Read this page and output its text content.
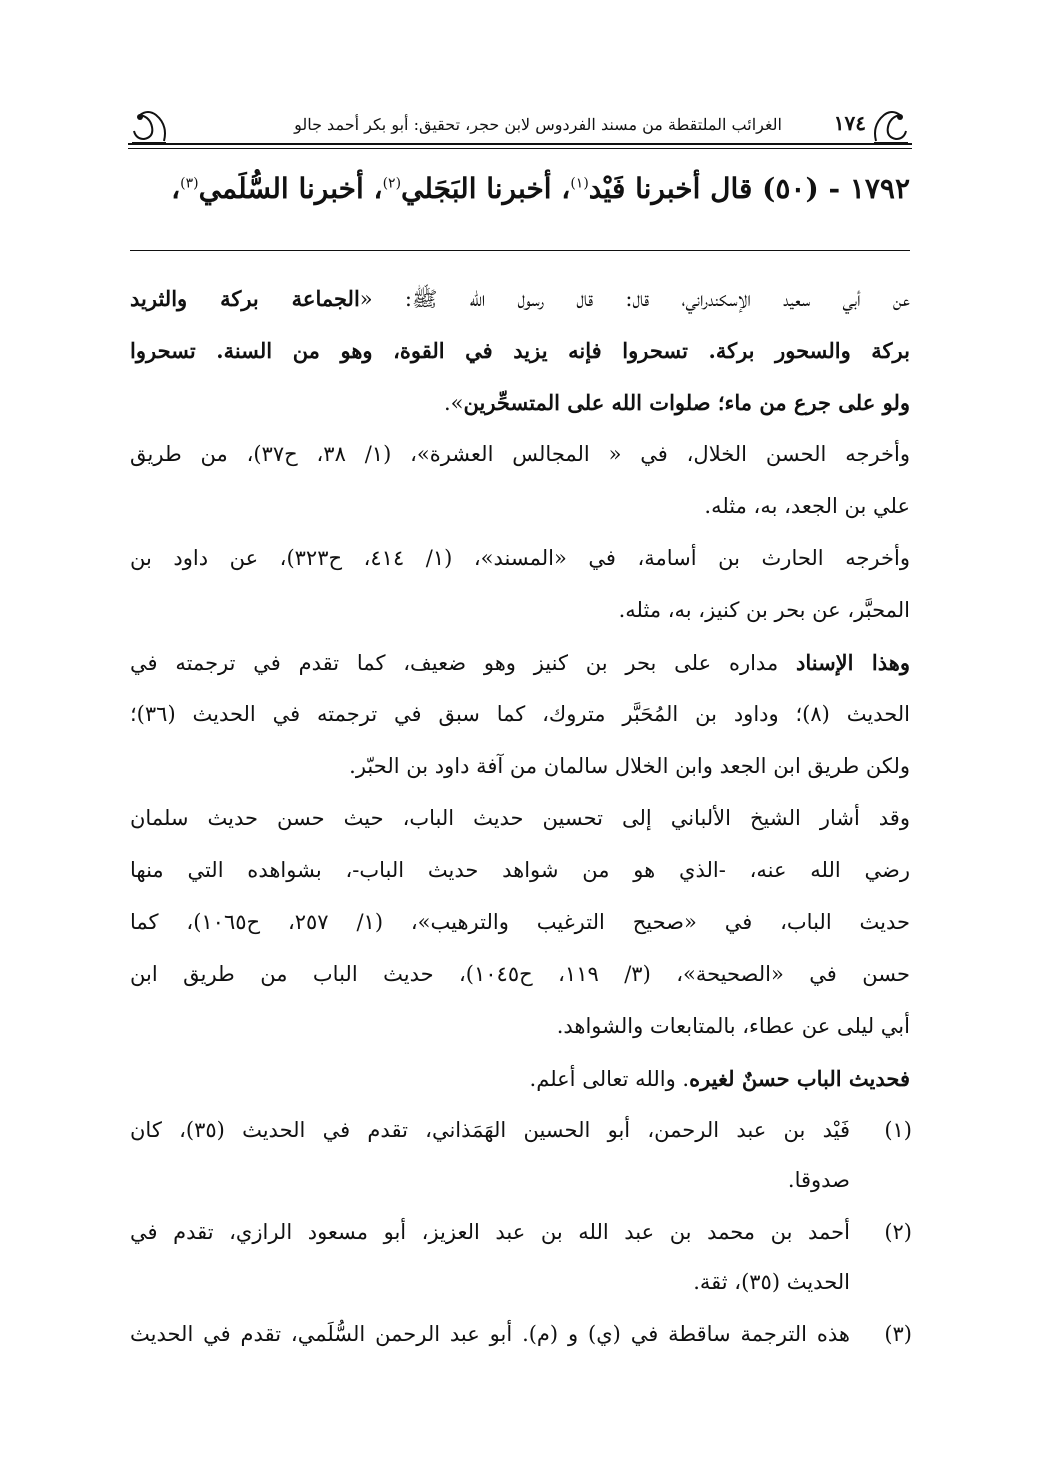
١٧٤
الغرائب الملتقطة من مسند الفردوس لابن حجر، تحقيق: أبو بكر أحمد جالو
١٧٩٢ - (٥٠) قال أخبرنا فَيْد$^{(١)}$، أخبرنا البَجَلي$^{(٢)}$، أخبرنا السُّلَمي$^{(٣)}$،
عن أبي سعيد الإسكندراني، قال: قال رسول الله ﷺ: «الجماعة بركة والثريد
بركة والسحور بركة. تسحروا فإنه يزيد في القوة، وهو من السنة. تسحروا
ولو على جرع من ماء؛ صلوات الله على المتسحِّرين».
وأخرجه الحسن الخلال، في « المجالس العشرة»، (١/ ٣٨، ح٣٧)، من طريق
علي بن الجعد، به، مثله.
وأخرجه الحارث بن أسامة، في «المسند»، (١/ ٤١٤، ح٣٢٣)، عن داود بن
المحبَّر، عن بحر بن كنيز، به، مثله.
وهذا الإسناد مداره على بحر بن كنيز وهو ضعيف، كما تقدم في ترجمته في
الحديث (٨)؛ وداود بن المُحَبَّر متروك، كما سبق في ترجمته في الحديث (٣٦)؛
ولكن طريق ابن الجعد وابن الخلال سالمان من آفة داود بن الحبّر.
وقد أشار الشيخ الألباني إلى تحسين حديث الباب، حيث حسن حديث سلمان
رضي الله عنه، -الذي هو من شواهد حديث الباب-، بشواهده التي منها
حديث الباب، في «صحيح الترغيب والترهيب»، (١/ ٢٥٧، ح١٠٦٥)، كما
حسن في «الصحيحة»، (٣/ ١١٩، ح١٠٤٥)، حديث الباب من طريق ابن
أبي ليلى عن عطاء، بالمتابعات والشواهد.
فحديث الباب حسنٌ لغيره. والله تعالى أعلم.
(١)
فَيْد بن عبد الرحمن، أبو الحسين الهَمَذاني، تقدم في الحديث (٣٥)، كان
صدوقا.
(٢)
أحمد بن محمد بن عبد الله بن عبد العزيز، أبو مسعود الرازي، تقدم في
الحديث (٣٥)، ثقة.
(٣)
هذه الترجمة ساقطة في (ي) و (م). أبو عبد الرحمن السُّلَمي، تقدم في الحديث
